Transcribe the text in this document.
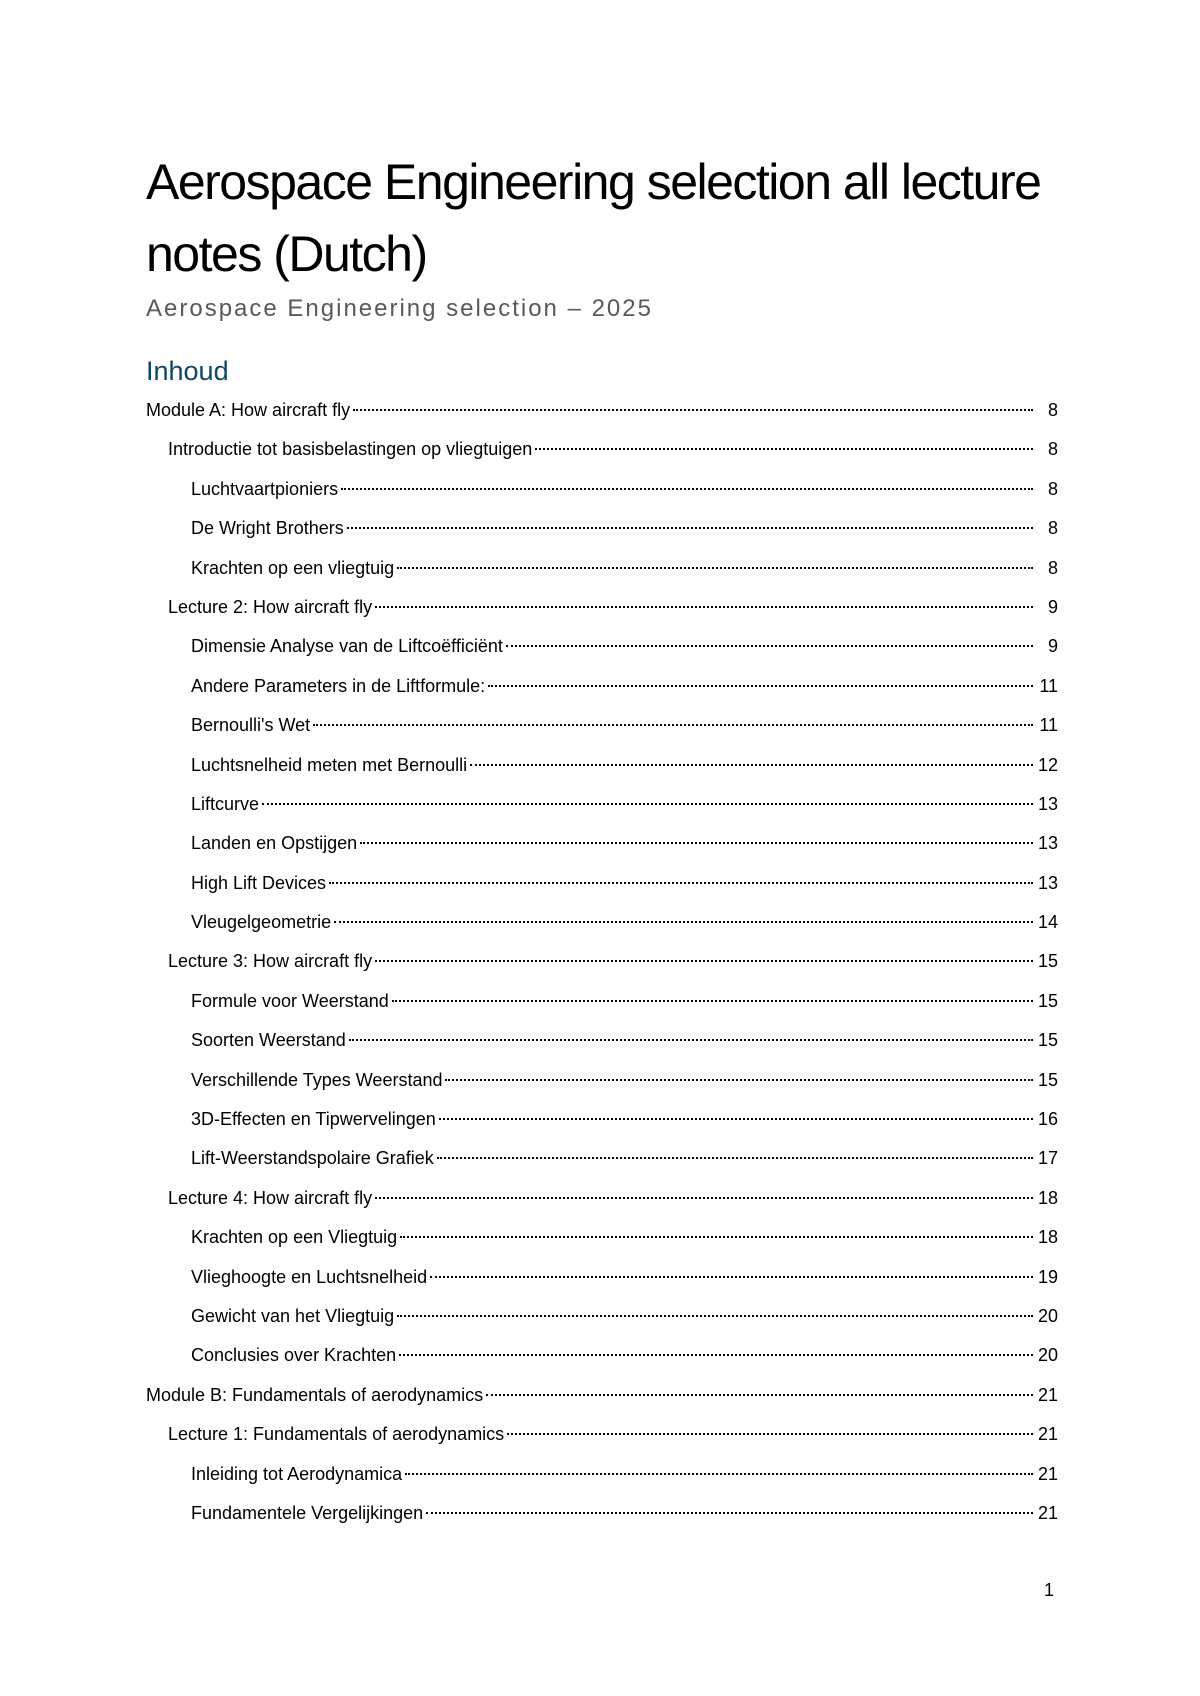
Aerospace Engineering selection all lecture notes (Dutch)

Aerospace Engineering selection – 2025

Inhoud
Module A: How aircraft fly	8
Introductie tot basisbelastingen op vliegtuigen	8
Luchtvaartpioniers	8
De Wright Brothers	8
Krachten op een vliegtuig	8
Lecture 2: How aircraft fly	9
Dimensie Analyse van de Liftcoëfficiënt	9
Andere Parameters in de Liftformule:	11
Bernoulli's Wet	11
Luchtsnelheid meten met Bernoulli	12
Liftcurve	13
Landen en Opstijgen	13
High Lift Devices	13
Vleugelgeometrie	14
Lecture 3: How aircraft fly	15
Formule voor Weerstand	15
Soorten Weerstand	15
Verschillende Types Weerstand	15
3D-Effecten en Tipwervelingen	16
Lift-Weerstandspolaire Grafiek	17
Lecture 4: How aircraft fly	18
Krachten op een Vliegtuig	18
Vlieghoogte en Luchtsnelheid	19
Gewicht van het Vliegtuig	20
Conclusies over Krachten	20
Module B: Fundamentals of aerodynamics	21
Lecture 1: Fundamentals of aerodynamics	21
Inleiding tot Aerodynamica	21
Fundamentele Vergelijkingen	21

1
